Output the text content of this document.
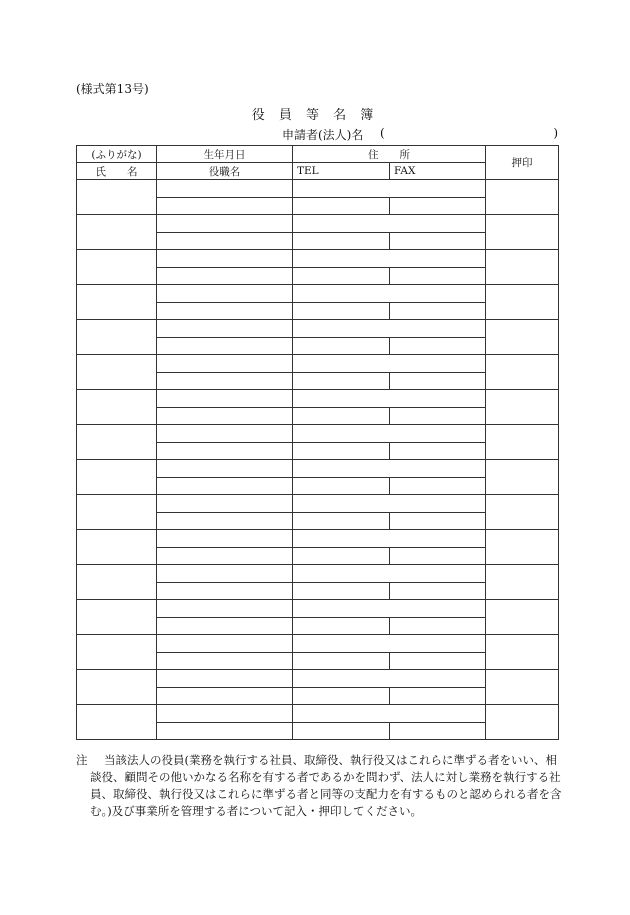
(様式第13号)
役 員 等 名 簿
申請者(法人)名 (	)
(ふりがな)	生年月日	住　　所		押印
氏　　名	役職名	TEL	FAX	

注	当該法人の役員(業務を執行する社員、取締役、執行役又はこれらに準ずる者をいい、相談役、顧問その他いかなる名称を有する者であるかを問わず、法人に対し業務を執行する社員、取締役、執行役又はこれらに準ずる者と同等の支配力を有するものと認められる者を含む。)及び事業所を管理する者について記入・押印してください。
